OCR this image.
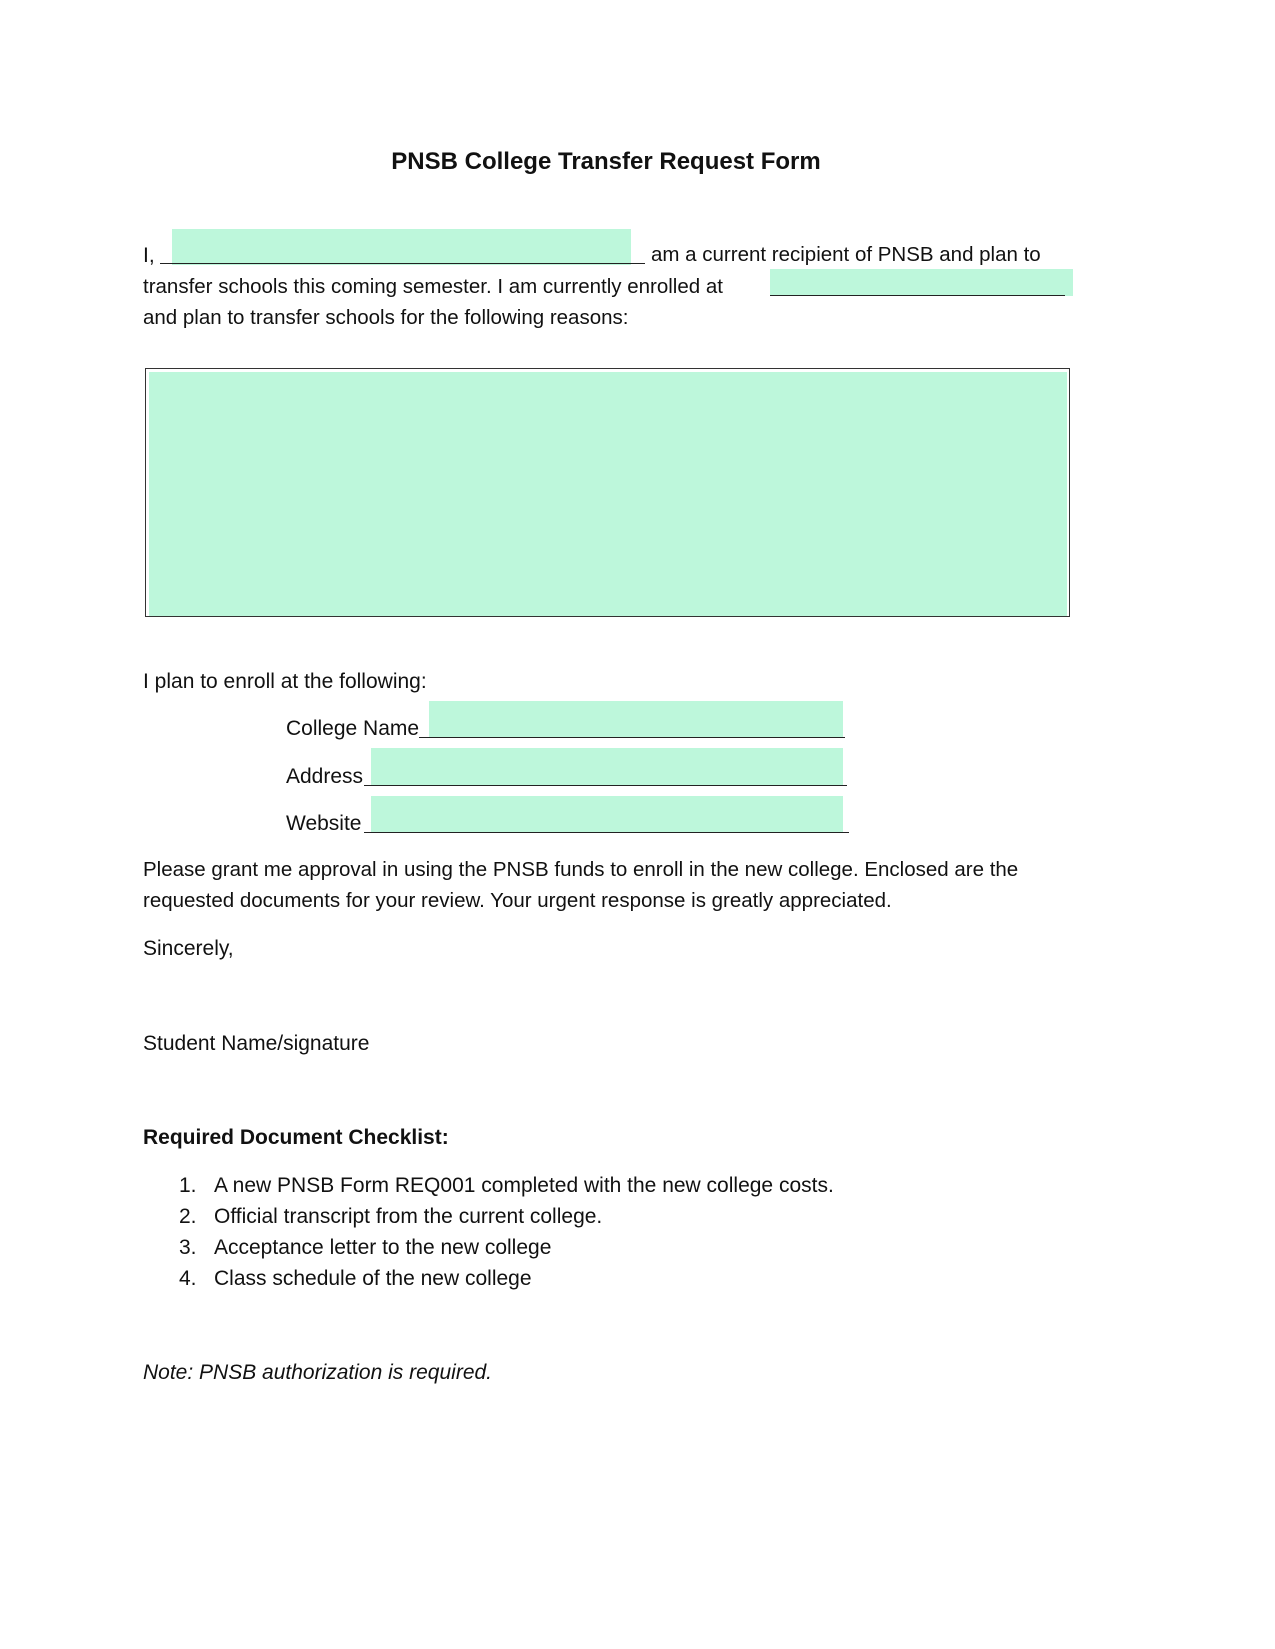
PNSB College Transfer Request Form
I,	am a current recipient of PNSB and plan to
transfer schools this coming semester. I am currently enrolled at
and plan to transfer schools for the following reasons:
I plan to enroll at the following:
College Name
Address
Website
Please grant me approval in using the PNSB funds to enroll in the new college. Enclosed are the
requested documents for your review. Your urgent response is greatly appreciated.
Sincerely,
Student Name/signature
Required Document Checklist:
1. A new PNSB Form REQ001 completed with the new college costs.
2. Official transcript from the current college.
3. Acceptance letter to the new college
4. Class schedule of the new college
Note: PNSB authorization is required.
